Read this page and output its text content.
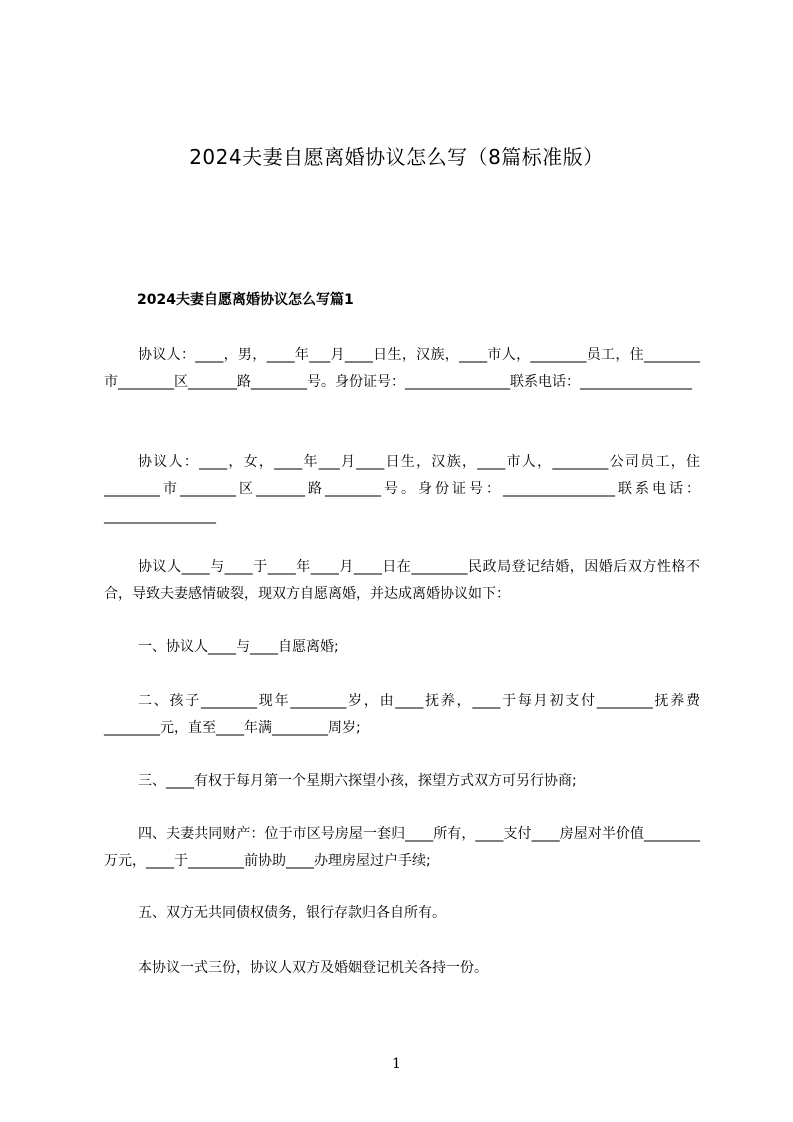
2024夫妻自愿离婚协议怎么写（8篇标准版）
2024夫妻自愿离婚协议怎么写篇1

协议人：____，男，____年___月____日生，汉族，____市人，________员工，住________市________区_______路________号。身份证号：_______________联系电话：________________

协议人：____，女，____年___月____日生，汉族，____市人，________公司员工，住________市________区_______路________号。身份证号：________________联系电话：________________

协议人____与____于____年____月____日在________民政局登记结婚，因婚后双方性格不合，导致夫妻感情破裂，现双方自愿离婚，并达成离婚协议如下：

一、协议人____与____自愿离婚;

二、孩子________现年________岁，由____抚养，____于每月初支付________抚养费________元，直至____年满________周岁;

三、____有权于每月第一个星期六探望小孩，探望方式双方可另行协商;

四、夫妻共同财产：位于市区号房屋一套归____所有，____支付____房屋对半价值________万元，____于________前协助____办理房屋过户手续;

五、双方无共同债权债务，银行存款归各自所有。

本协议一式三份，协议人双方及婚姻登记机关各持一份。

1
